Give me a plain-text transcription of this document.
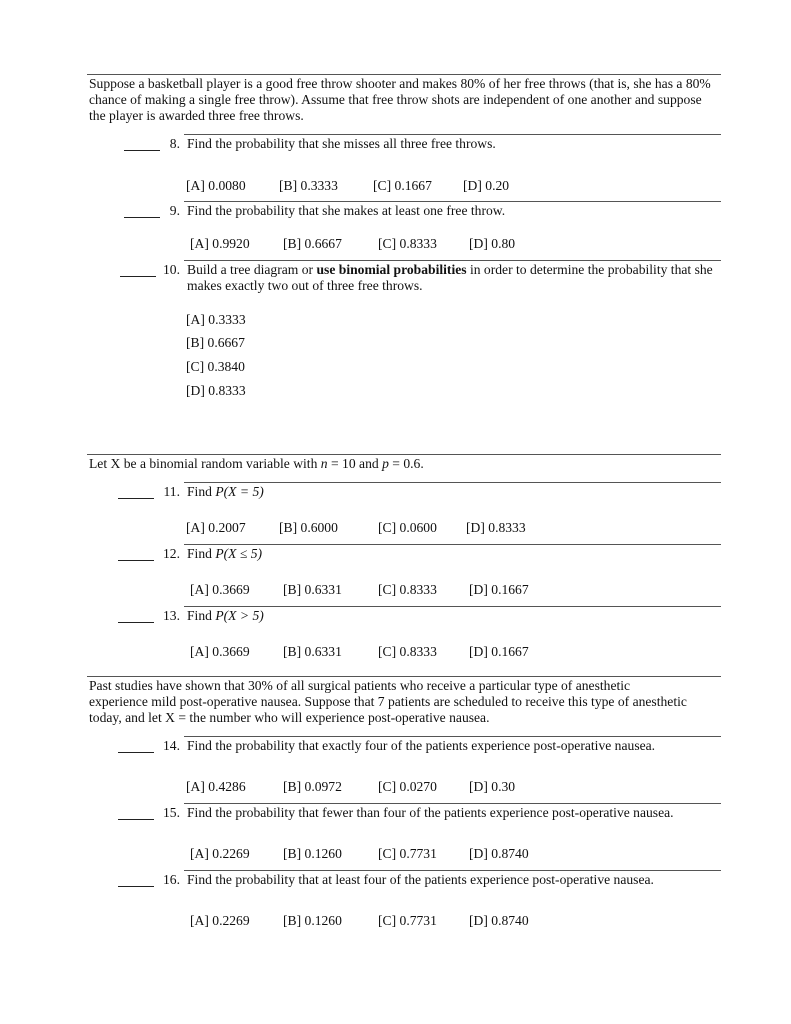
Suppose a basketball player is a good free throw shooter and makes 80% of her free throws (that is, she has a 80% chance of making a single free throw). Assume that free throw shots are independent of one another and suppose the player is awarded three free throws.
8. Find the probability that she misses all three free throws.
[A] 0.0080 [B] 0.3333	[C] 0.1667 [D] 0.20
9. Find the probability that she makes at least one free throw.
[A] 0.9920 [B] 0.6667	[C] 0.8333 [D] 0.80
10. Build a tree diagram or use binomial probabilities in order to determine the probability that she makes exactly two out of three free throws.
[A] 0.3333
[B] 0.6667
[C] 0.3840
[D] 0.8333
Let X be a binomial random variable with n = 10 and p = 0.6.
11. Find P(X = 5)
[A] 0.2007 [B] 0.6000	[C] 0.0600 [D] 0.8333
12. Find P(X ≤ 5)
[A] 0.3669 [B] 0.6331	[C] 0.8333 [D] 0.1667
13. Find P(X > 5)
[A] 0.3669 [B] 0.6331	[C] 0.8333 [D] 0.1667
Past studies have shown that 30% of all surgical patients who receive a particular type of anesthetic experience mild post-operative nausea. Suppose that 7 patients are scheduled to receive this type of anesthetic today, and let X = the number who will experience post-operative nausea.
14. Find the probability that exactly four of the patients experience post-operative nausea.
[A] 0.4286	[B] 0.0972	[C] 0.0270 [D] 0.30
15. Find the probability that fewer than four of the patients experience post-operative nausea.
[A] 0.2269 [B] 0.1260	[C] 0.7731 [D] 0.8740
16. Find the probability that at least four of the patients experience post-operative nausea.
[A] 0.2269 [B] 0.1260	[C] 0.7731 [D] 0.8740
